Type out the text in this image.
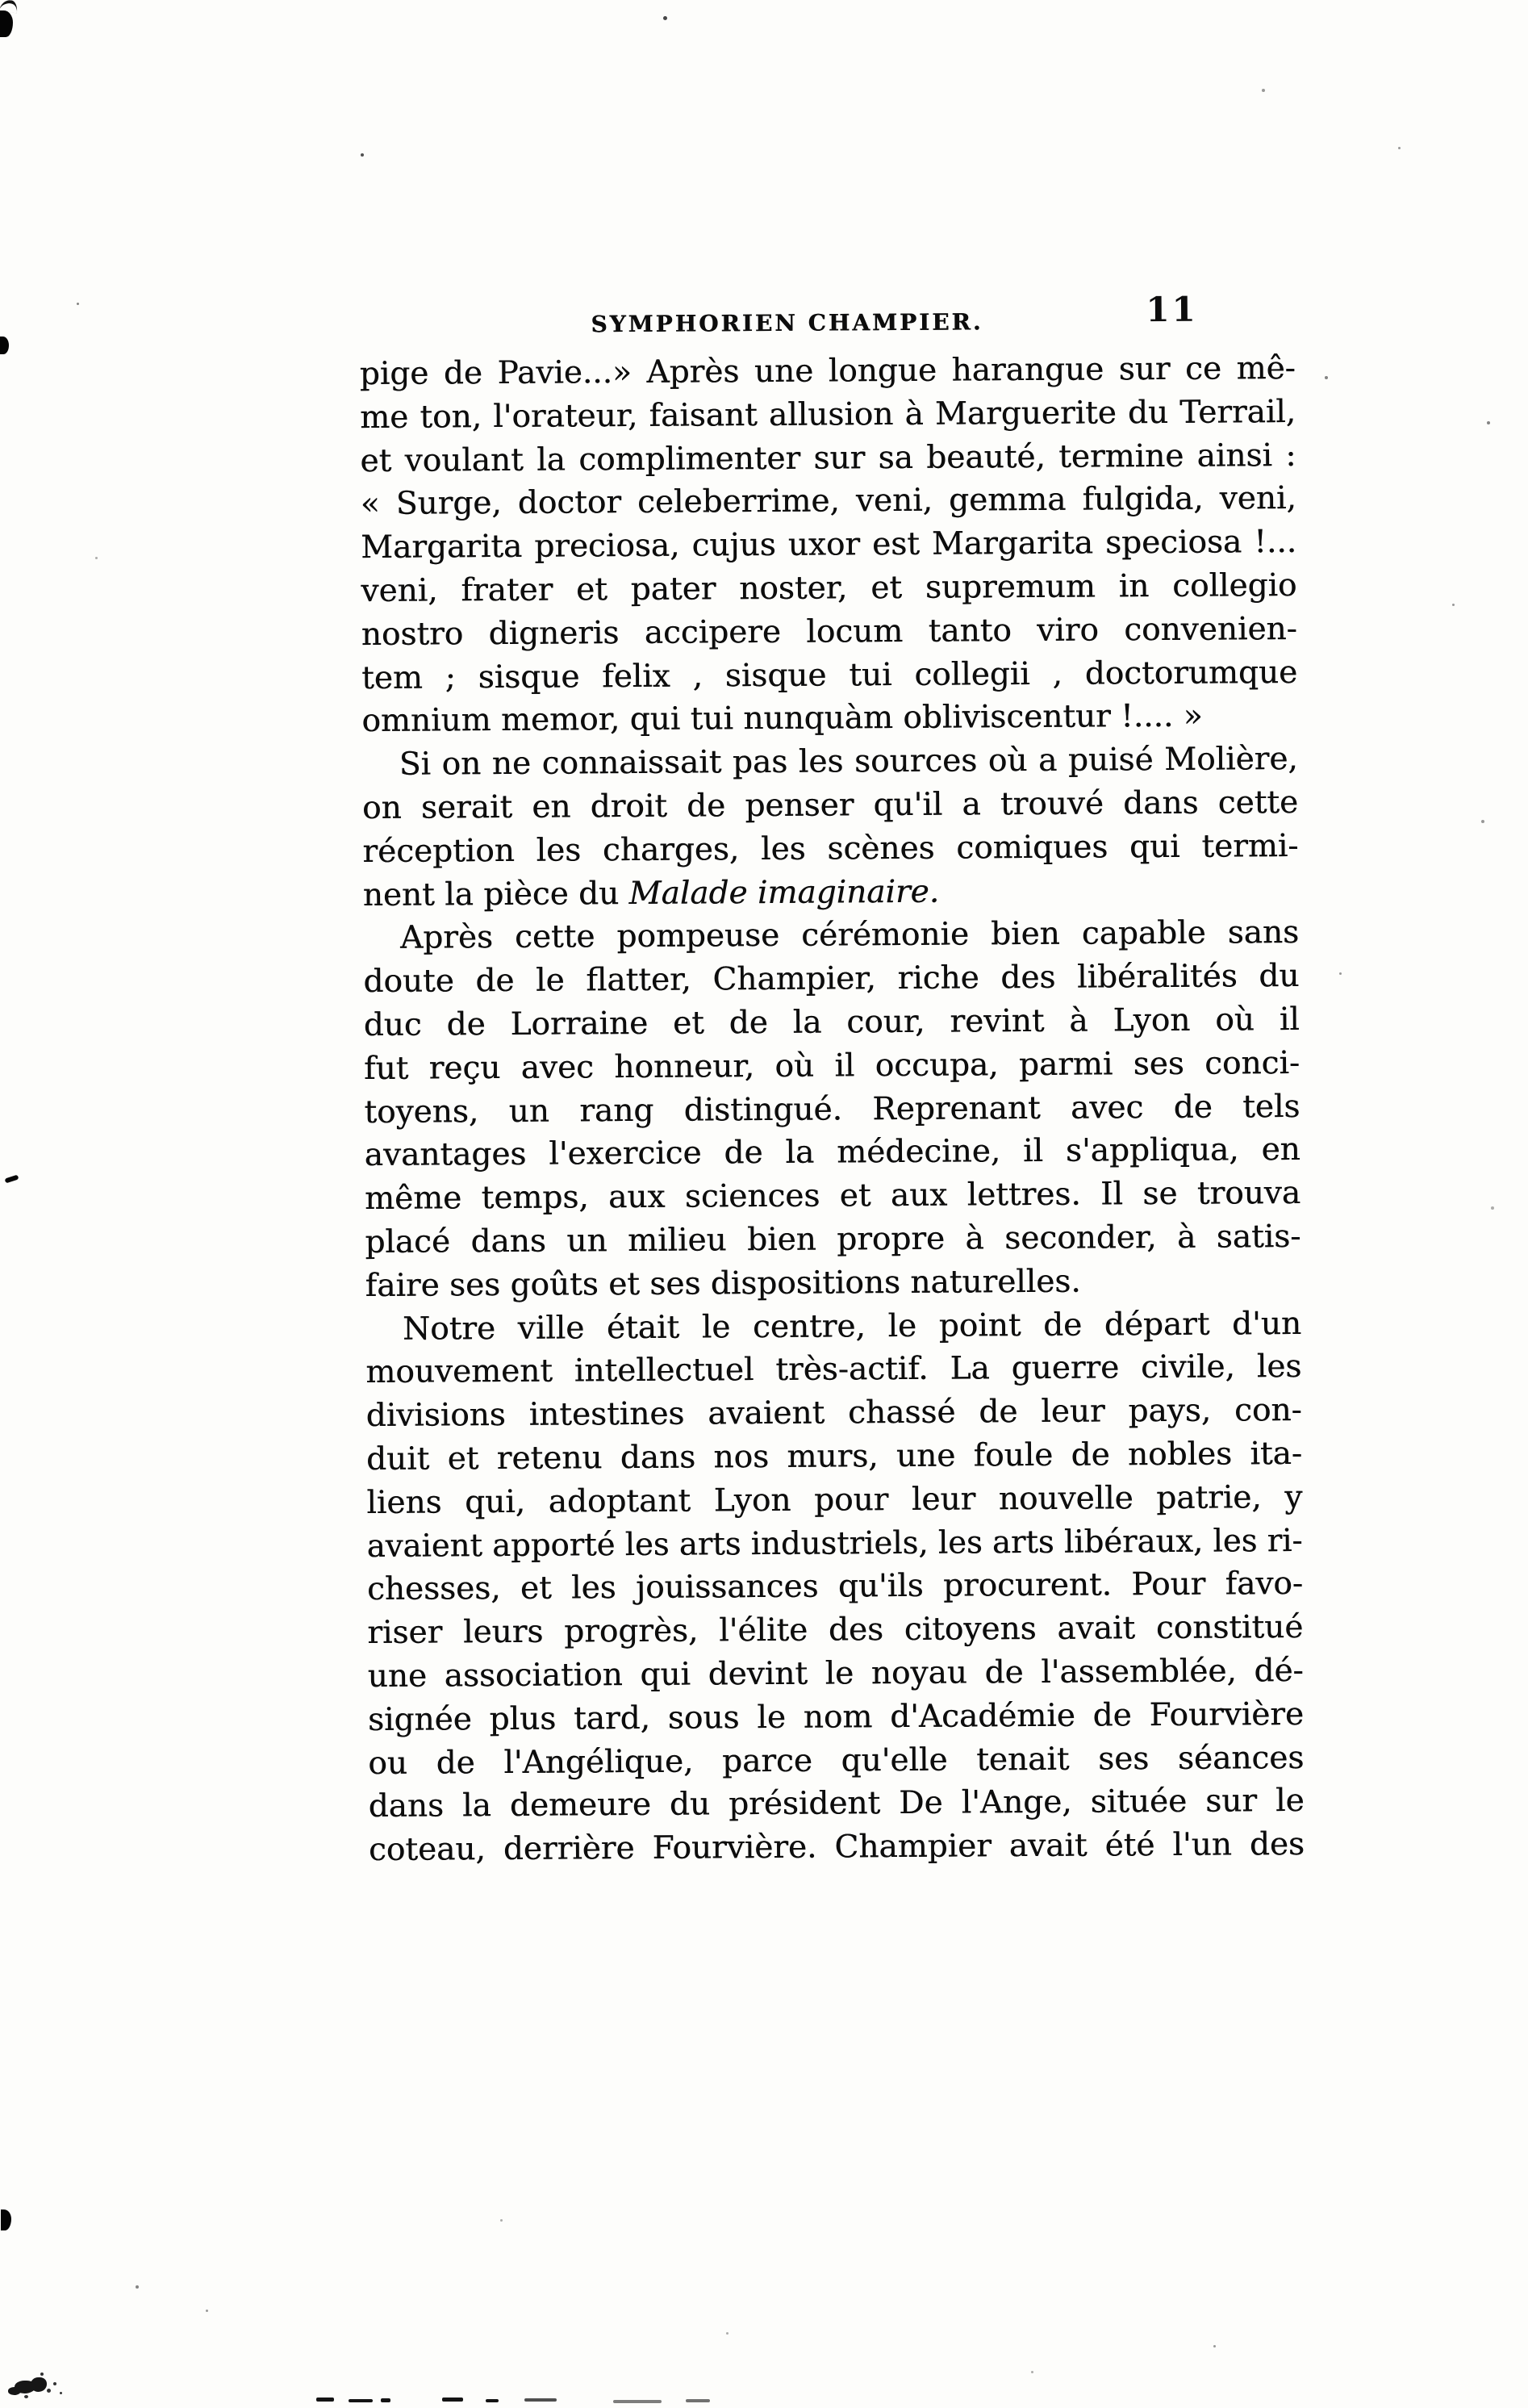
SYMPHORIEN CHAMPIER.	11
pige de Pavie...» Après une longue harangue sur ce mê-
me ton, l'orateur, faisant allusion à Marguerite du Terrail,
et voulant la complimenter sur sa beauté, termine ainsi :
« Surge, doctor celeberrime, veni, gemma fulgida, veni,
Margarita preciosa, cujus uxor est Margarita speciosa !...
veni, frater et pater noster, et supremum in collegio
nostro digneris accipere locum tanto viro convenien-
tem ; sisque felix , sisque tui collegii , doctorumque
omnium memor, qui tui nunquàm obliviscentur !.... »
Si on ne connaissait pas les sources où a puisé Molière,
on serait en droit de penser qu'il a trouvé dans cette
réception les charges, les scènes comiques qui termi-
nent la pièce du Malade imaginaire.
Après cette pompeuse cérémonie bien capable sans
doute de le flatter, Champier, riche des libéralités du
duc de Lorraine et de la cour, revint à Lyon où il
fut reçu avec honneur, où il occupa, parmi ses conci-
toyens, un rang distingué. Reprenant avec de tels
avantages l'exercice de la médecine, il s'appliqua, en
même temps, aux sciences et aux lettres. Il se trouva
placé dans un milieu bien propre à seconder, à satis-
faire ses goûts et ses dispositions naturelles.
Notre ville était le centre, le point de départ d'un
mouvement intellectuel très-actif. La guerre civile, les
divisions intestines avaient chassé de leur pays, con-
duit et retenu dans nos murs, une foule de nobles ita-
liens qui, adoptant Lyon pour leur nouvelle patrie, y
avaient apporté les arts industriels, les arts libéraux, les ri-
chesses, et les jouissances qu'ils procurent. Pour favo-
riser leurs progrès, l'élite des citoyens avait constitué
une association qui devint le noyau de l'assemblée, dé-
signée plus tard, sous le nom d'Académie de Fourvière
ou de l'Angélique, parce qu'elle tenait ses séances
dans la demeure du président De l'Ange, située sur le
coteau, derrière Fourvière. Champier avait été l'un des
